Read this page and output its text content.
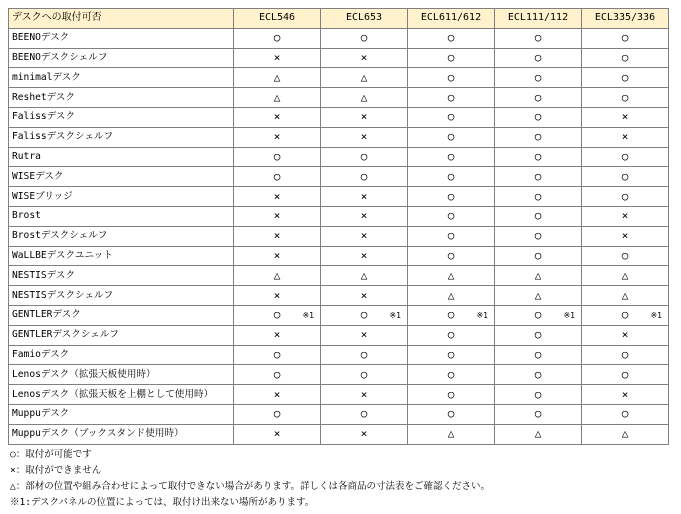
デスクへの取付可否	ECL546	ECL653	ECL611/612	ECL111/112	ECL335/336
BEENOデスク	○	○	○	○	○
BEENOデスクシェルフ	×	×	○	○	○
minimalデスク	△	△	○	○	○
Reshetデスク	△	△	○	○	○
Falissデスク	×	×	○	○	×
Falissデスクシェルフ	×	×	○	○	×
Rutra	○	○	○	○	○
WISEデスク	○	○	○	○	○
WISEブリッジ	×	×	○	○	○
Brost	×	×	○	○	×
Brostデスクシェルフ	×	×	○	○	×
WaLLBEデスクユニット	×	×	○	○	○
NESTISデスク	△	△	△	△	△
NESTISデスクシェルフ	×	×	△	△	△
GENTLERデスク	○ ※1	○ ※1	○ ※1	○ ※1	○ ※1

GENTLERデスクシェルフ	×	×	○	○	×
Famioデスク	○	○	○	○	○
Lenosデスク（拡張天板使用時）	○	○	○	○	○
Lenosデスク（拡張天板を上棚として使用時）	×	×	○	○	×
Muppuデスク	○	○	○	○	○
Muppuデスク（ブックスタンド使用時）	×	×	△	△	△
○：取付が可能です
×：取付ができません
△：部材の位置や組み合わせによって取付できない場合があります。詳しくは各商品の寸法表をご確認ください。
※1:デスクパネルの位置によっては、取付け出来ない場所があります。
